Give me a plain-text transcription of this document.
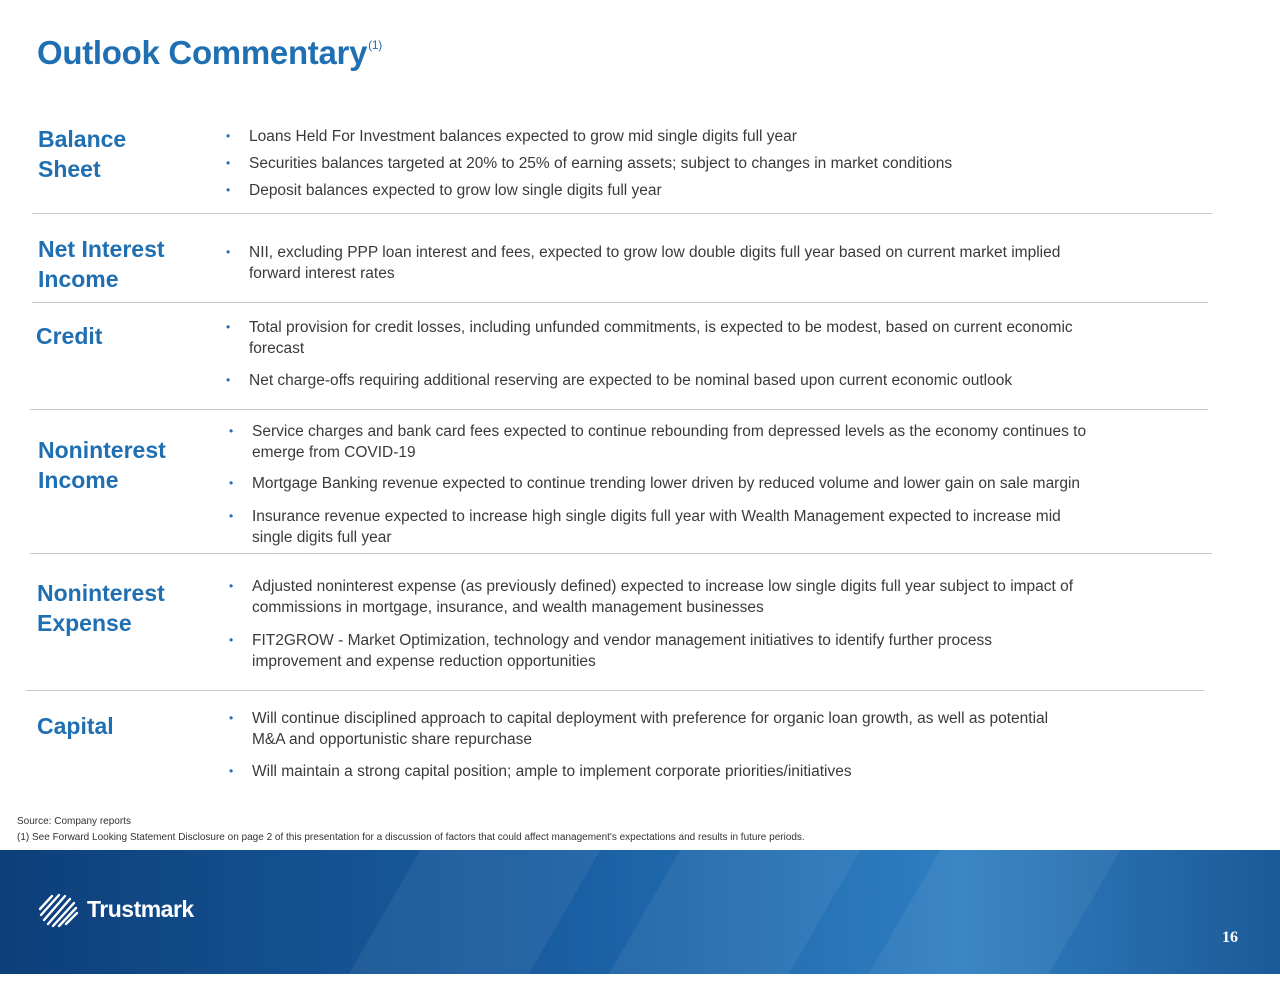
Outlook Commentary$^{(1)}$
Balance
Sheet
• Loans Held For Investment balances expected to grow mid single digits full year
• Securities balances targeted at 20% to 25% of earning assets; subject to changes in market conditions
• Deposit balances expected to grow low single digits full year
Net Interest
Income
• NII, excluding PPP loan interest and fees, expected to grow low double digits full year based on current market implied
forward interest rates
Credit	• Total provision for credit losses, including unfunded commitments, is expected to be modest, based on current economic
forecast
• Net charge-offs requiring additional reserving are expected to be nominal based upon current economic outlook
Noninterest
Income
• Service charges and bank card fees expected to continue rebounding from depressed levels as the economy continues to
emerge from COVID-19
• Mortgage Banking revenue expected to continue trending lower driven by reduced volume and lower gain on sale margin
• Insurance revenue expected to increase high single digits full year with Wealth Management expected to increase mid
single digits full year
Noninterest
Expense
• Adjusted noninterest expense (as previously defined) expected to increase low single digits full year subject to impact of
commissions in mortgage, insurance, and wealth management businesses
• FIT2GROW - Market Optimization, technology and vendor management initiatives to identify further process
improvement and expense reduction opportunities
Capital	• Will continue disciplined approach to capital deployment with preference for organic loan growth, as well as potential
M&A and opportunistic share repurchase
• Will maintain a strong capital position; ample to implement corporate priorities/initiatives
Source: Company reports
(1) See Forward Looking Statement Disclosure on page 2 of this presentation for a discussion of factors that could affect management's expectations and results in future periods.
Trustmark
16
